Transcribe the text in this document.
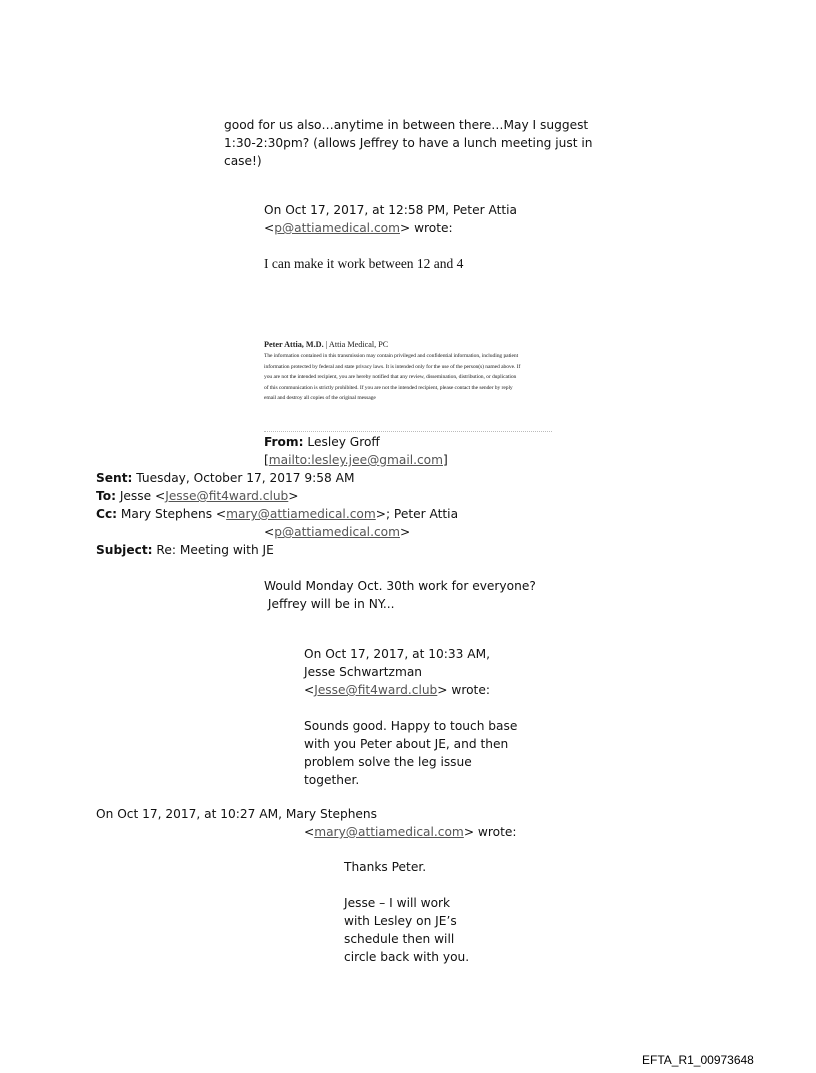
good for us also…anytime in between there…May I suggest
1:30-2:30pm? (allows Jeffrey to have a lunch meeting just in
case!)
On Oct 17, 2017, at 12:58 PM, Peter Attia
<p@attiamedical.com> wrote:
I can make it work between 12 and 4
Peter Attia, M.D. | Attia Medical, PC
The information contained in this transmission may contain privileged and confidential information, including patient
information protected by federal and state privacy laws. It is intended only for the use of the person(s) named above. If
you are not the intended recipient, you are hereby notified that any review, dissemination, distribution, or duplication
of this communication is strictly prohibited. If you are not the intended recipient, please contact the sender by reply
email and destroy all copies of the original message
From: Lesley Groff
[mailto:lesley.jee@gmail.com]
Sent: Tuesday, October 17, 2017 9:58 AM
To: Jesse <Jesse@fit4ward.club>
Cc: Mary Stephens <mary@attiamedical.com>; Peter Attia
<p@attiamedical.com>
Subject: Re: Meeting with JE
Would Monday Oct. 30th work for everyone?
Jeffrey will be in NY...
On Oct 17, 2017, at 10:33 AM,
Jesse Schwartzman
<Jesse@fit4ward.club> wrote:
Sounds good. Happy to touch base
with you Peter about JE, and then
problem solve the leg issue
together.
On Oct 17, 2017, at 10:27 AM, Mary Stephens
<mary@attiamedical.com> wrote:
Thanks Peter.
Jesse – I will work
with Lesley on JE’s
schedule then will
circle back with you.
EFTA_R1_00973648
